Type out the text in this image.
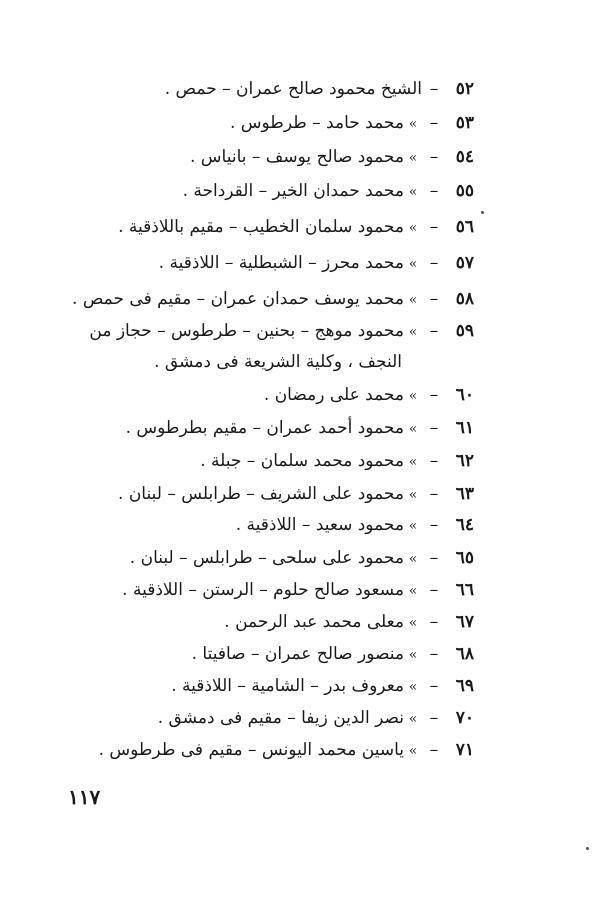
٥٢–الشيخ محمود صالح عمران – حمص .
٥٣–»محمد حامد – طرطوس .
٥٤–»محمود صالح يوسف – بانياس .
٥٥–»محمد حمدان الخير – القرداحة .
٥٦–»محمود سلمان الخطيب – مقيم باللاذقية .
٥٧–»محمد محرز – الشبطلية – اللاذقية .
٥٨–»محمد يوسف حمدان عمران – مقيم فى حمص .
٥٩–»محمود موهج – بحنين – طرطوس – حجاز من
النجف ، وكلية الشريعة فى دمشق .
٦٠–»محمد على رمضان .
٦١–»محمود أحمد عمران – مقيم بطرطوس .
٦٢–»محمود محمد سلمان – جبلة .
٦٣–»محمود على الشريف – طرابلس – لبنان .
٦٤–»محمود سعيد – اللاذقية .
٦٥–»محمود على سلحى – طرابلس – لبنان .
٦٦–»مسعود صالح حلوم – الرستن – اللاذقية .
٦٧–»معلى محمد عبد الرحمن .
٦٨–»منصور صالح عمران – صافيتا .
٦٩–»معروف بدر – الشامية – اللاذقية .
٧٠–»نصر الدين زيفا – مقيم فى دمشق .
٧١–»ياسين محمد اليونس – مقيم فى طرطوس .
١١٧
